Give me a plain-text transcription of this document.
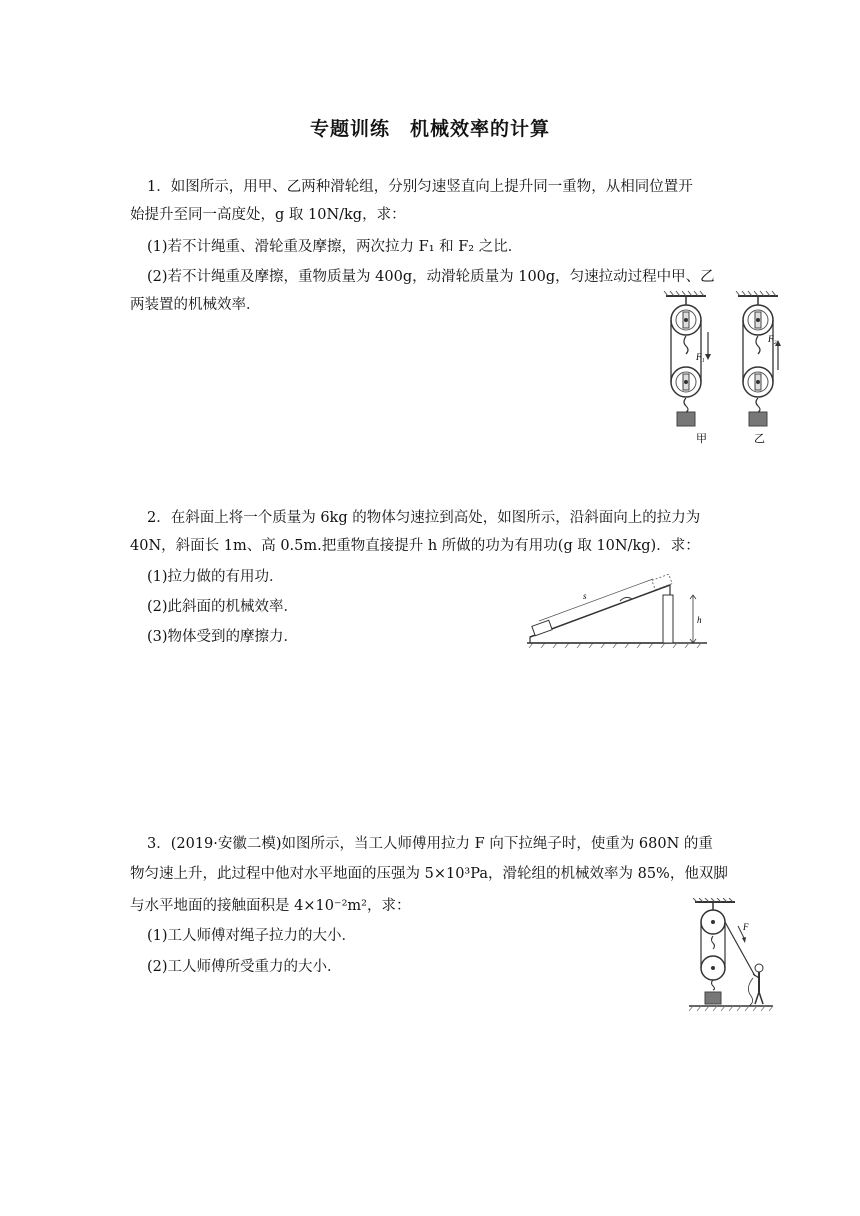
专题训练　机械效率的计算
1．如图所示，用甲、乙两种滑轮组，分别匀速竖直向上提升同一重物，从相同位置开
始提升至同一高度处，g 取 10N/kg，求：
(1)若不计绳重、滑轮重及摩擦，两次拉力 F₁ 和 F₂ 之比．
(2)若不计绳重及摩擦，重物质量为 400g，动滑轮质量为 100g，匀速拉动过程中甲、乙
两装置的机械效率．
甲
F₁
乙
F₂
2．在斜面上将一个质量为 6kg 的物体匀速拉到高处，如图所示，沿斜面向上的拉力为
40N，斜面长 1m、高 0.5m.把重物直接提升 h 所做的功为有用功(g 取 10N/kg)．求：
(1)拉力做的有用功．
(2)此斜面的机械效率．
(3)物体受到的摩擦力．
s
h
3．(2019·安徽二模)如图所示，当工人师傅用拉力 F 向下拉绳子时，使重为 680N 的重
物匀速上升，此过程中他对水平地面的压强为 5×10³Pa，滑轮组的机械效率为 85%，他双脚
与水平地面的接触面积是 4×10⁻²m²，求：
(1)工人师傅对绳子拉力的大小．
(2)工人师傅所受重力的大小．
F
